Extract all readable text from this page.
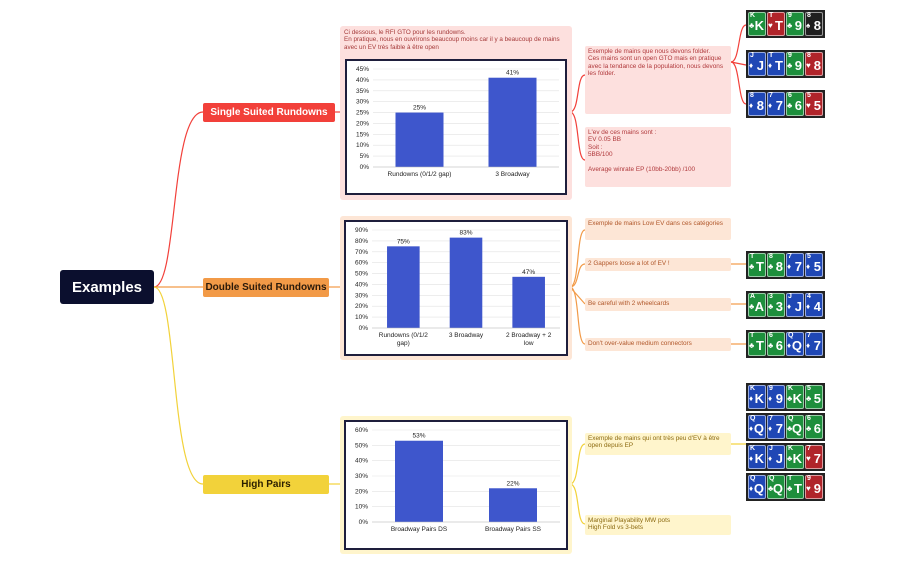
Examples
Single Suited Rundowns
Double Suited Rundowns
High Pairs
Ci dessous, le RFI GTO pour les rundowns.
En pratique, nous en ouvrirons beaucoup moins car il y a beaucoup de mains avec un EV très faible à être open
0%
5%
10%
15%
20%
25%
30%
35%
40%
45%
25%
Rundowns (0/1/2 gap)
41%
3 Broadway
0%
10%
20%
30%
40%
50%
60%
70%
80%
90%
75%
Rundowns (0/1/2 gap)
83%
3 Broadway
47%
2 Broadway + 2 low
0%
10%
20%
30%
40%
50%
60%
53%
Broadway Pairs DS
22%
Broadway Pairs SS
Exemple de mains que nous devons folder.
Ces mains sont un open GTO mais en pratique avec la tendance de la population, nous devons les folder.
L'ev de ces mains sont :
EV 0.05 BB
Soit :
5BB/100

Average winrate EP (10bb-20bb) /100
Exemple de mains Low EV dans ces catégories
2 Gappers loose a lot of EV !
Be careful with 2 wheelcards
Don't over-value medium connectors
Exemple de mains qui ont très peu d'EV à être open depuis EP
Marginal Playability MW pots
High Fold vs 3-bets
K
♣ K
T
♥ T
9
♣ 9
8
♠ 8
J
♦ J
T
♦ T
9
♣ 9
8
♥ 8
8
♦ 8
7
♦ 7
6
♣ 6
5
♥ 5
T
♣ T
8
♣ 8
7
♦ 7
5
♦ 5
A
♣ A
3
♣ 3
J
♦ J
4
♦ 4
T
♣ T
6
♣ 6
Q
♦ Q
7
♦ 7
K
♦ K
9
♦ 9
K
♣ K
5
♣ 5
Q
♦ Q
7
♦ 7
Q
♣ Q
6
♣ 6
K
♦ K
J
♦ J
K
♣ K
7
♥ 7
Q
♦ Q
Q
♣ Q
T
♣ T
9
♥ 9
